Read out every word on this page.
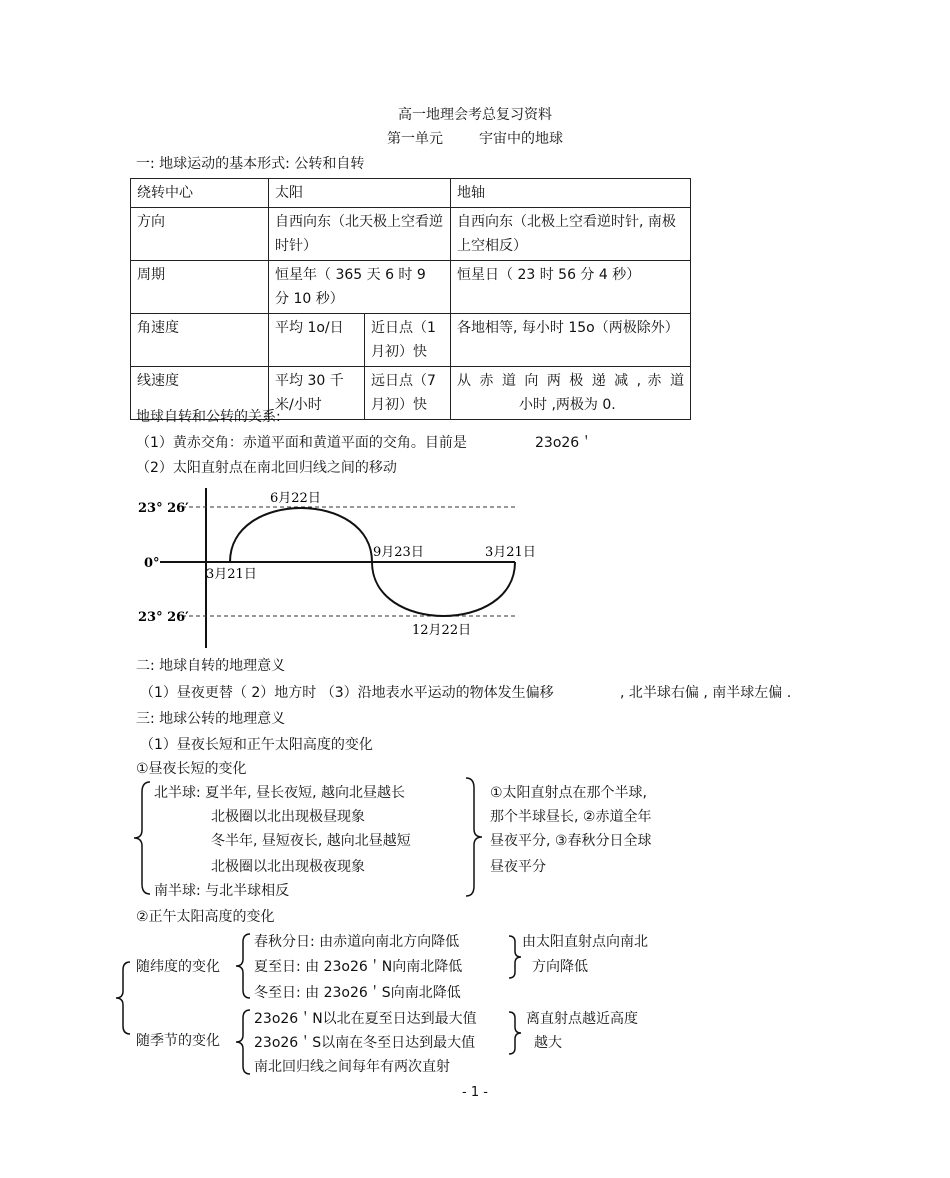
高一地理会考总复习资料
第一单元	宇宙中的地球
一: 地球运动的基本形式: 公转和自转
绕转中心	太阳		地轴
方向	自西向东（北天极上空看逆时针）		自西向东（北极上空看逆时针, 南极上空相反）
周期	恒星年（ 365 天 6 时 9 分 10 秒）		恒星日（ 23 时 56 分 4 秒）
角速度	平均 1o/日	近日点（1 月初）快	各地相等, 每小时 15o（两极除外）
线速度	平均 30 千米/小时	远日点（7 月初）快	从 赤 道 向 两 极 递 减 , 赤 道
小时 ,两极为 0.
地球自转和公转的关系:
（1）黄赤交角：赤道平面和黄道平面的交角。目前是	23o26＇
（2）太阳直射点在南北回归线之间的移动
23° 26′
0°
23° 26′
6月22日
9月23日	3月21日
3月21日
12月22日
二: 地球自转的地理意义
（1）昼夜更替（ 2）地方时 （3）沿地表水平运动的物体发生偏移	, 北半球右偏 , 南半球左偏 .
三: 地球公转的地理意义
（1）昼夜长短和正午太阳高度的变化
①昼夜长短的变化
北半球: 夏半年, 昼长夜短, 越向北昼越长
北极圈以北出现极昼现象
冬半年, 昼短夜长, 越向北昼越短
北极圈以北出现极夜现象
南半球: 与北半球相反
①太阳直射点在那个半球,
那个半球昼长, ②赤道全年
昼夜平分, ③春秋分日全球
昼夜平分
②正午太阳高度的变化
随纬度的变化
春秋分日: 由赤道向南北方向降低
夏至日: 由 23o26＇N向南北降低
冬至日: 由 23o26＇S向南北降低
由太阳直射点向南北
方向降低
随季节的变化
23o26＇N以北在夏至日达到最大值
23o26＇S以南在冬至日达到最大值
南北回归线之间每年有两次直射
离直射点越近高度
越大
- 1 -
